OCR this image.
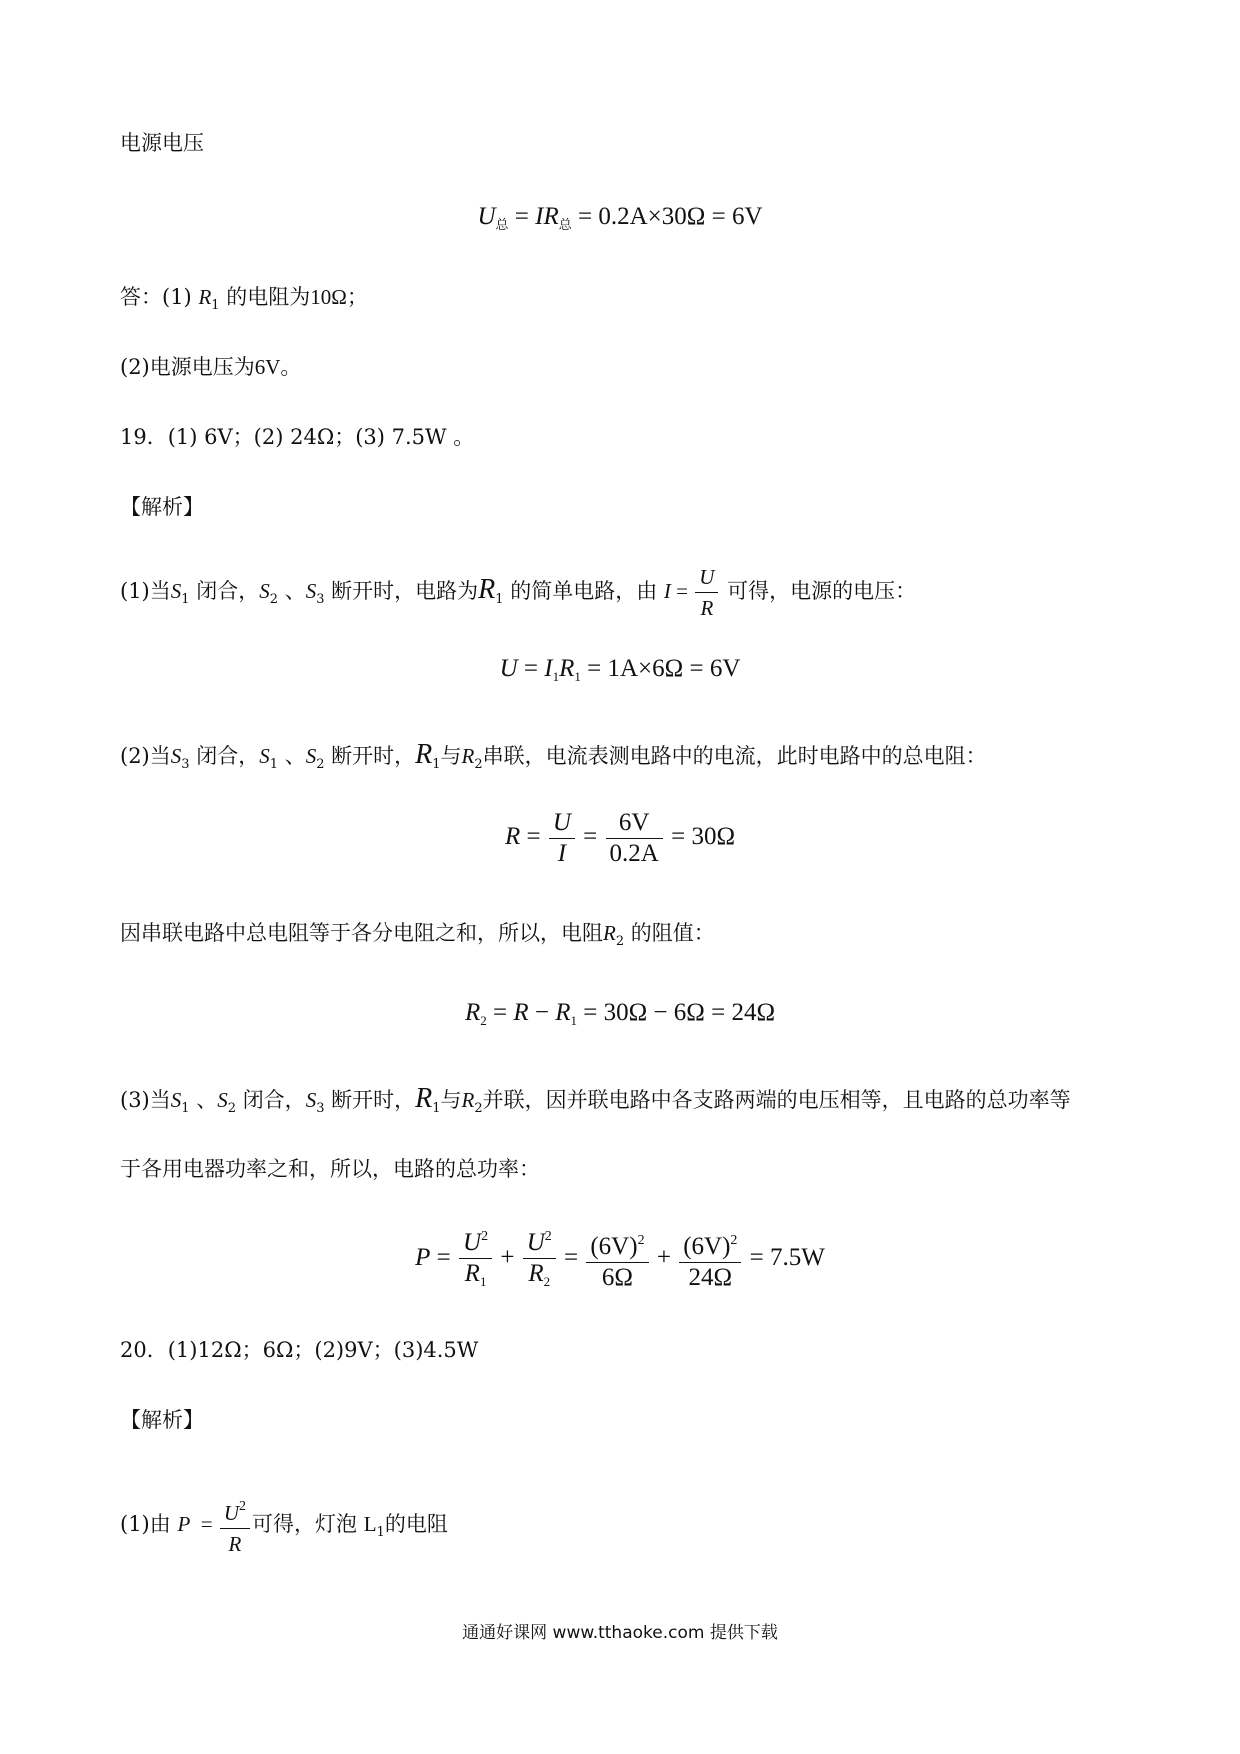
电源电压
$U_总 = IR_总 = 0.2A\times 30\Omega = 6V$
答：(1) $R_1$ 的电阻为10Ω；
(2)电源电压为6V。
19．(1) 6V；(2) 24Ω；(3) 7.5W 。
【解析】
(1)当$S_1$ 闭合，$S_2$ 、$S_3$ 断开时，电路为$R_1$ 的简单电路，由 $I = \frac{U}{R}$ 可得，电源的电压：
$U = I_1R_1 = 1A\times 6\Omega = 6V$
(2)当$S_3$ 闭合，$S_1$ 、$S_2$ 断开时，$R_1$与$R_2$串联，电流表测电路中的电流，此时电路中的总电阻：
$R = \frac{U}{I} = \frac{6V}{0.2A} = 30\Omega$
因串联电路中总电阻等于各分电阻之和，所以，电阻$R_2$ 的阻值：
$R_2 = R - R_1 = 30\Omega - 6\Omega = 24\Omega$
(3)当$S_1$ 、$S_2$ 闭合，$S_3$ 断开时，$R_1$与$R_2$并联，因并联电路中各支路两端的电压相等，且电路的总功率等
于各用电器功率之和，所以，电路的总功率：
$P = \frac{U^2}{R_1} + \frac{U^2}{R_2} = \frac{(6V)^2}{6\Omega} + \frac{(6V)^2}{24\Omega} = 7.5W$
20．(1)12Ω；6Ω；(2)9V；(3)4.5W
【解析】
(1)由 $P = \frac{U^2}{R}$ 可得，灯泡 $L_1$的电阻
通通好课网 www.tthaoke.com 提供下载
